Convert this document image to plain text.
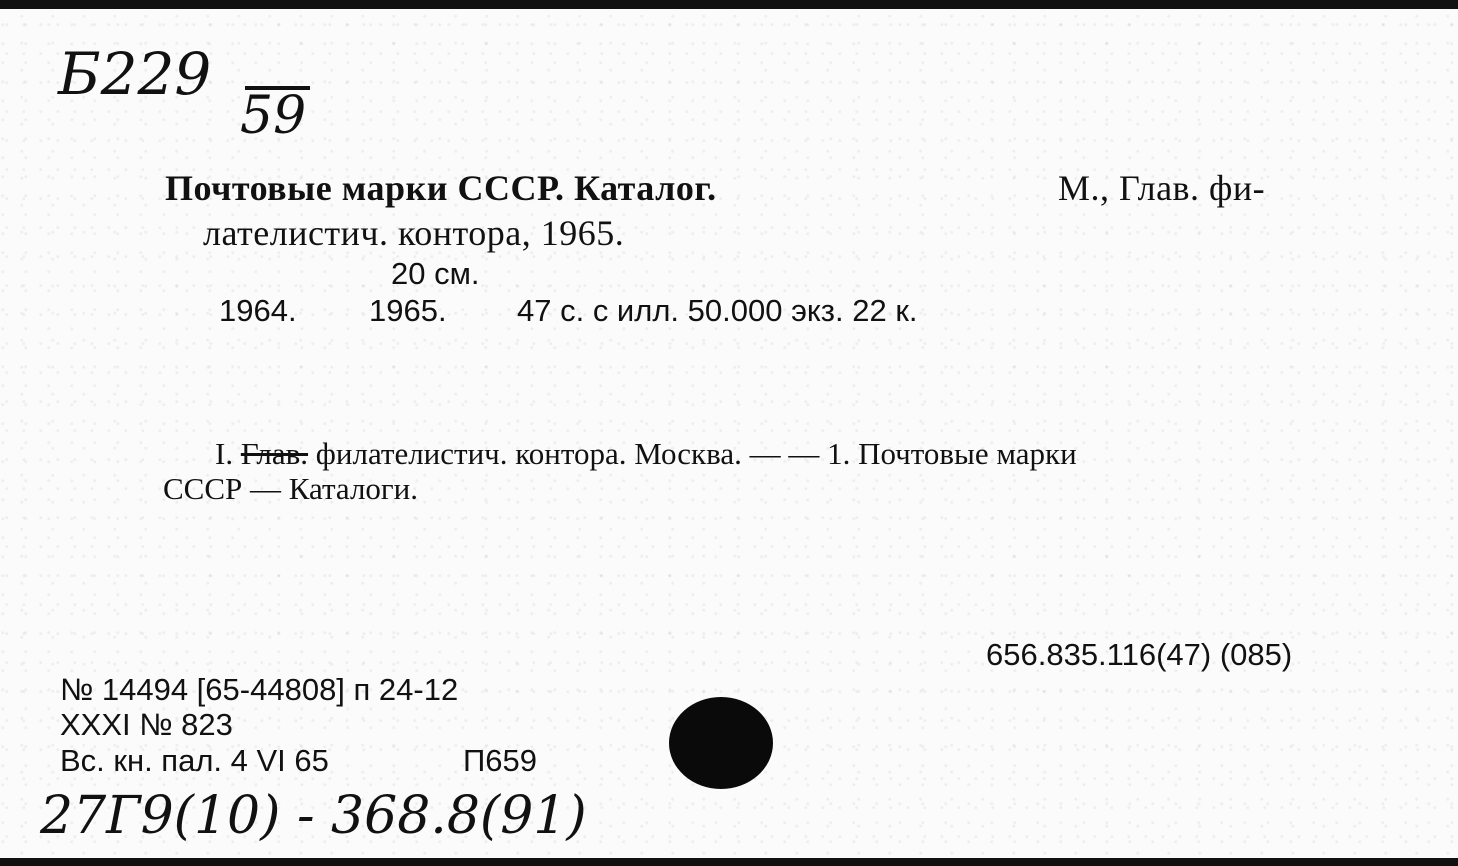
Б229
59
Почтовые марки СССР. Каталог.	М., Глав. фи-
лателистич. контора, 1965.
20 см.
1964. 1965. 47 с. с илл. 50.000 экз. 22 к.
I. Глав. филателистич. контора. Москва. — — 1. Почтовые марки
СССР — Каталоги.
656.835.116(47) (085)
№ 14494 [65-44808] п 24-12
XXXI № 823
Вс. кн. пал. 4 VI 65	П659
27Г9(10) - 368.8(91)
